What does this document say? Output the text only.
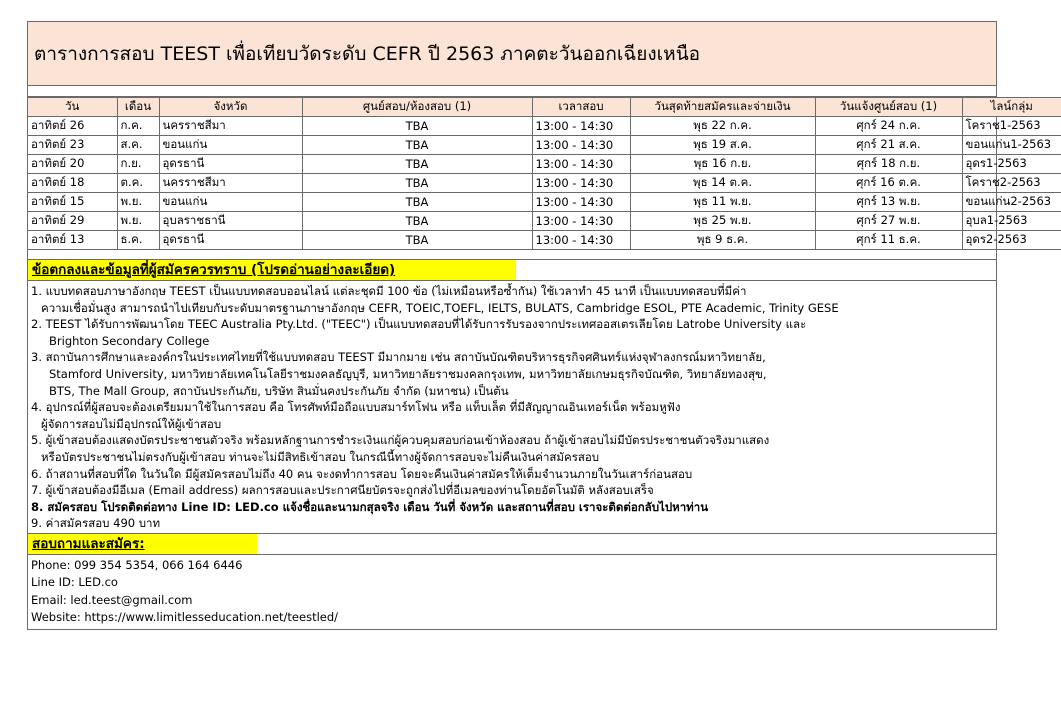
ตารางการสอบ TEEST เพื่อเทียบวัดระดับ CEFR ปี 2563 ภาคตะวันออกเฉียงเหนือ
วัน	เดือน	จังหวัด	ศูนย์สอบ/ห้องสอบ (1)	เวลาสอบ	วันสุดท้ายสมัครและจ่ายเงิน	วันแจ้งศูนย์สอบ (1)	ไลน์กลุ่ม
อาทิตย์ 26	ก.ค.	นครราชสีมา	TBA	13:00 - 14:30	พุธ 22 ก.ค.	ศุกร์ 24 ก.ค.	โคราช1-2563
อาทิตย์ 23	ส.ค.	ขอนแก่น	TBA	13:00 - 14:30	พุธ 19 ส.ค.	ศุกร์ 21 ส.ค.	ขอนแก่น1-2563
อาทิตย์ 20	ก.ย.	อุดรธานี	TBA	13:00 - 14:30	พุธ 16 ก.ย.	ศุกร์ 18 ก.ย.	อุดร1-2563
อาทิตย์ 18	ต.ค.	นครราชสีมา	TBA	13:00 - 14:30	พุธ 14 ต.ค.	ศุกร์ 16 ต.ค.	โคราช2-2563
อาทิตย์ 15	พ.ย.	ขอนแก่น	TBA	13:00 - 14:30	พุธ 11 พ.ย.	ศุกร์ 13 พ.ย.	ขอนแก่น2-2563
อาทิตย์ 29	พ.ย.	อุบลราชธานี	TBA	13:00 - 14:30	พุธ 25 พ.ย.	ศุกร์ 27 พ.ย.	อุบล1-2563
อาทิตย์ 13	ธ.ค.	อุดรธานี	TBA	13:00 - 14:30	พุธ 9 ธ.ค.	ศุกร์ 11 ธ.ค.	อุดร2-2563
ข้อตกลงและข้อมูลที่ผู้สมัครควรทราบ (โปรดอ่านอย่างละเอียด)
1. แบบทดสอบภาษาอังกฤษ TEEST เป็นแบบทดสอบออนไลน์ แต่ละชุดมี 100 ข้อ (ไม่เหมือนหรือซ้ำกัน) ใช้เวลาทำ 45 นาที เป็นแบบทดสอบที่มีค่า
ความเชื่อมั่นสูง สามารถนำไปเทียบกับระดับมาตรฐานภาษาอังกฤษ CEFR, TOEIC,TOEFL, IELTS, BULATS, Cambridge ESOL, PTE Academic, Trinity GESE
2. TEEST ได้รับการพัฒนาโดย TEEC Australia Pty.Ltd. ("TEEC") เป็นแบบทดสอบที่ได้รับการรับรองจากประเทศออสเตรเลียโดย Latrobe University และ
Brighton Secondary College
3. สถาบันการศึกษาและองค์กรในประเทศไทยที่ใช้แบบทดสอบ TEEST มีมากมาย เช่น สถาบันบัณฑิตบริหารธุรกิจศศินทร์แห่งจุฬาลงกรณ์มหาวิทยาลัย,
Stamford University, มหาวิทยาลัยเทคโนโลยีราชมงคลธัญบุรี, มหาวิทยาลัยราชมงคลกรุงเทพ, มหาวิทยาลัยเกษมธุรกิจบัณฑิต, วิทยาลัยทองสุข,
BTS, The Mall Group, สถาบันประกันภัย, บริษัท สินมั่นคงประกันภัย จำกัด (มหาชน) เป็นต้น
4. อุปกรณ์ที่ผู้สอบจะต้องเตรียมมาใช้ในการสอบ คือ โทรศัพท์มือถือแบบสมาร์ทโฟน หรือ แท็บเล็ต ที่มีสัญญาณอินเทอร์เน็ต พร้อมหูฟัง
ผู้จัดการสอบไม่มีอุปกรณ์ให้ผู้เข้าสอบ
5. ผู้เข้าสอบต้องแสดงบัตรประชาชนตัวจริง พร้อมหลักฐานการชำระเงินแก่ผู้ควบคุมสอบก่อนเข้าห้องสอบ ถ้าผู้เข้าสอบไม่มีบัตรประชาชนตัวจริงมาแสดง
หรือบัตรประชาชนไม่ตรงกับผู้เข้าสอบ ท่านจะไม่มีสิทธิเข้าสอบ ในกรณีนี้ทางผู้จัดการสอบจะไม่คืนเงินค่าสมัครสอบ
6. ถ้าสถานที่สอบที่ใด ในวันใด มีผู้สมัครสอบไม่ถึง 40 คน จะงดทำการสอบ โดยจะคืนเงินค่าสมัครให้เต็มจำนวนภายในวันเสาร์ก่อนสอบ
7. ผู้เข้าสอบต้องมีอีเมล (Email address) ผลการสอบและประกาศนียบัตรจะถูกส่งไปที่อีเมลของท่านโดยอัตโนมัติ หลังสอบเสร็จ
8. สมัครสอบ โปรดติดต่อทาง Line ID: LED.co แจ้งชื่อและนามกสุลจริง เดือน วันที่ จังหวัด และสถานที่สอบ เราจะติดต่อกลับไปหาท่าน
9. ค่าสมัครสอบ 490 บาท
สอบถามและสมัคร:
Phone: 099 354 5354, 066 164 6446
Line ID: LED.co
Email: led.teest@gmail.com
Website: https://www.limitlesseducation.net/teestled/
